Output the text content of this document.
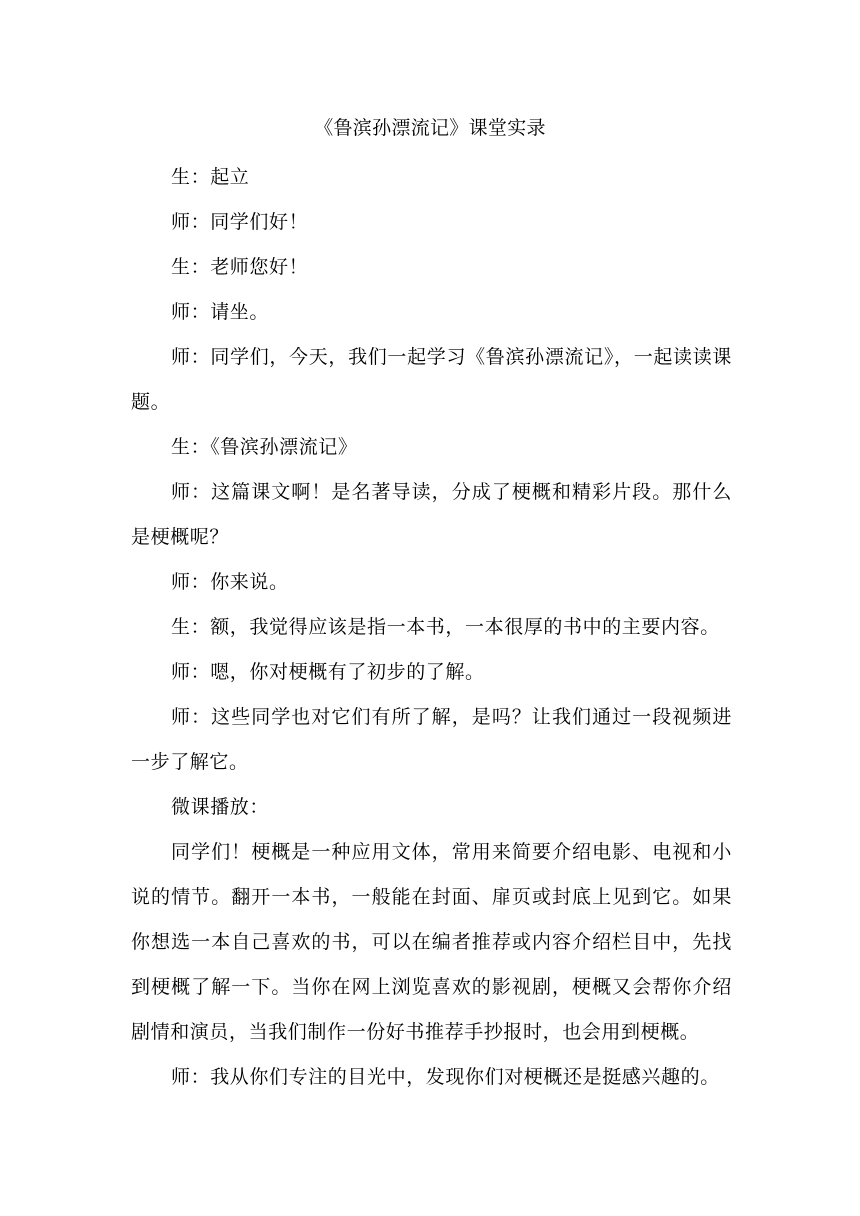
《鲁滨孙漂流记》课堂实录

生：起立

师：同学们好！

生：老师您好！

师：请坐。

师：同学们，今天，我们一起学习《鲁滨孙漂流记》，一起读读课题。

生：《鲁滨孙漂流记》

师：这篇课文啊！是名著导读，分成了梗概和精彩片段。那什么是梗概呢？

师：你来说。

生：额，我觉得应该是指一本书，一本很厚的书中的主要内容。

师：嗯，你对梗概有了初步的了解。

师：这些同学也对它们有所了解，是吗？让我们通过一段视频进一步了解它。

微课播放：

同学们！梗概是一种应用文体，常用来简要介绍电影、电视和小说的情节。翻开一本书，一般能在封面、扉页或封底上见到它。如果你想选一本自己喜欢的书，可以在编者推荐或内容介绍栏目中，先找到梗概了解一下。当你在网上浏览喜欢的影视剧，梗概又会帮你介绍剧情和演员，当我们制作一份好书推荐手抄报时，也会用到梗概。

师：我从你们专注的目光中，发现你们对梗概还是挺感兴趣的。
